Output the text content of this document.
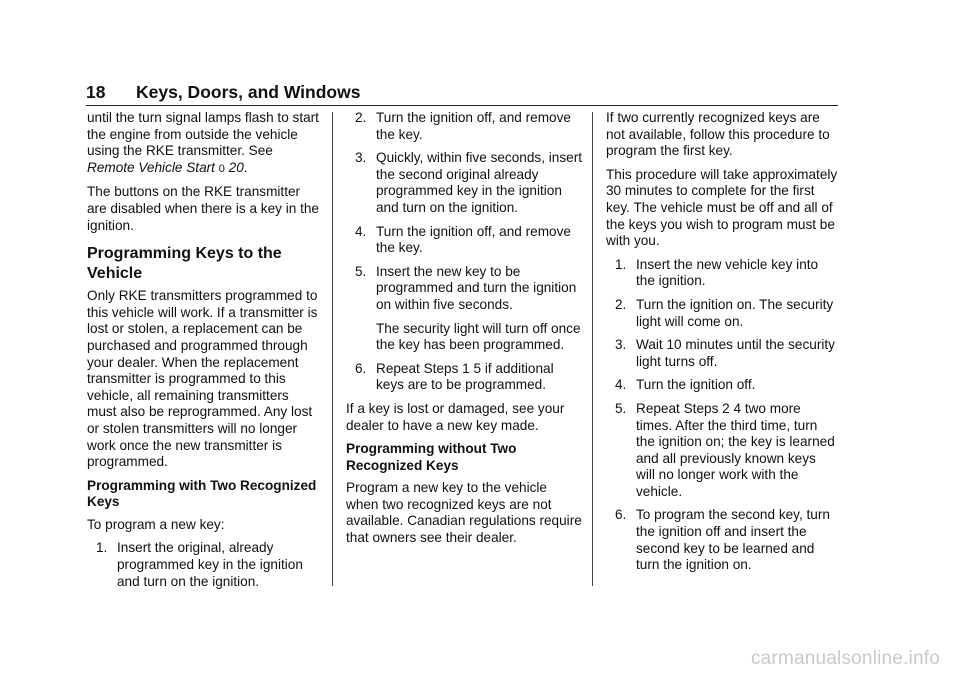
18 Keys, Doors, and Windows

until the turn signal lamps flash to start the engine from outside the vehicle using the RKE transmitter. See Remote Vehicle Start 0 20.

The buttons on the RKE transmitter are disabled when there is a key in the ignition.

Programming Keys to the Vehicle

Only RKE transmitters programmed to this vehicle will work. If a transmitter is lost or stolen, a replacement can be purchased and programmed through your dealer. When the replacement transmitter is programmed to this vehicle, all remaining transmitters must also be reprogrammed. Any lost or stolen transmitters will no longer work once the new transmitter is programmed.

Programming with Two Recognized Keys

To program a new key:

1. Insert the original, already programmed key in the ignition and turn on the ignition.
2. Turn the ignition off, and remove the key.
3. Quickly, within five seconds, insert the second original already programmed key in the ignition and turn on the ignition.
4. Turn the ignition off, and remove the key.
5. Insert the new key to be programmed and turn the ignition on within five seconds.

The security light will turn off once the key has been programmed.

6. Repeat Steps 1 5 if additional keys are to be programmed.

If a key is lost or damaged, see your dealer to have a new key made.

Programming without Two Recognized Keys

Program a new key to the vehicle when two recognized keys are not available. Canadian regulations require that owners see their dealer.

If two currently recognized keys are not available, follow this procedure to program the first key.

This procedure will take approximately 30 minutes to complete for the first key. The vehicle must be off and all of the keys you wish to program must be with you.

1. Insert the new vehicle key into the ignition.
2. Turn the ignition on. The security light will come on.
3. Wait 10 minutes until the security light turns off.
4. Turn the ignition off.
5. Repeat Steps 2 4 two more times. After the third time, turn the ignition on; the key is learned and all previously known keys will no longer work with the vehicle.
6. To program the second key, turn the ignition off and insert the second key to be learned and turn the ignition on.
carmanualsonline.info
